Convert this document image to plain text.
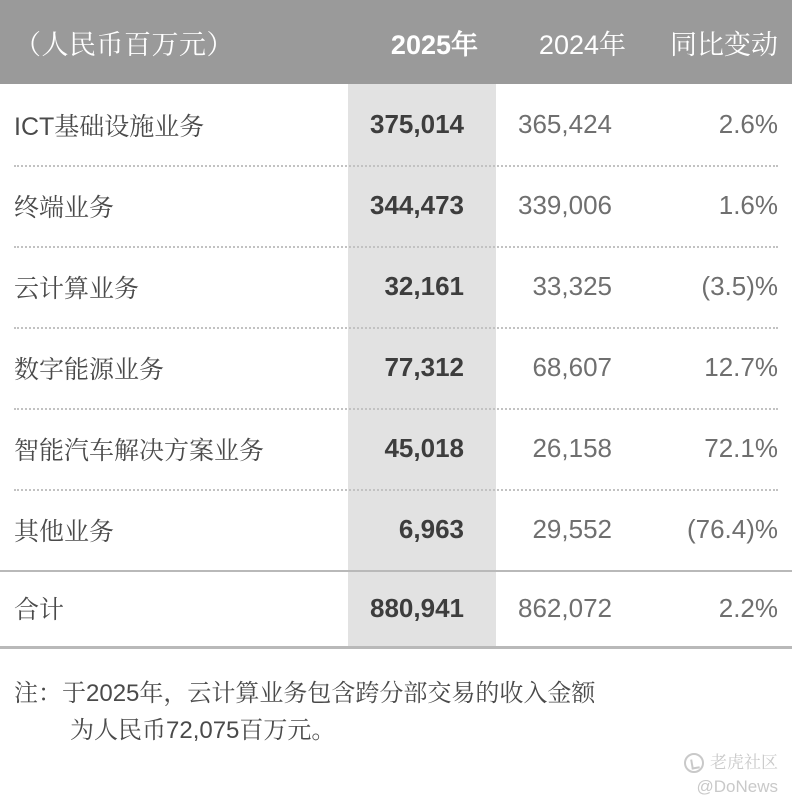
（人民币百万元）	2025年	2024年	同比变动
ICT基础设施业务	375,014	365,424	2.6%
终端业务	344,473	339,006	1.6%
云计算业务	32,161	33,325	(3.5)%
数字能源业务	77,312	68,607	12.7%
智能汽车解决方案业务	45,018	26,158	72.1%
其他业务	6,963	29,552	(76.4)%
合计	880,941	862,072	2.2%
注：于2025年，云计算业务包含跨分部交易的收入金额
为人民币72,075百万元。
老虎社区
@DoNews
